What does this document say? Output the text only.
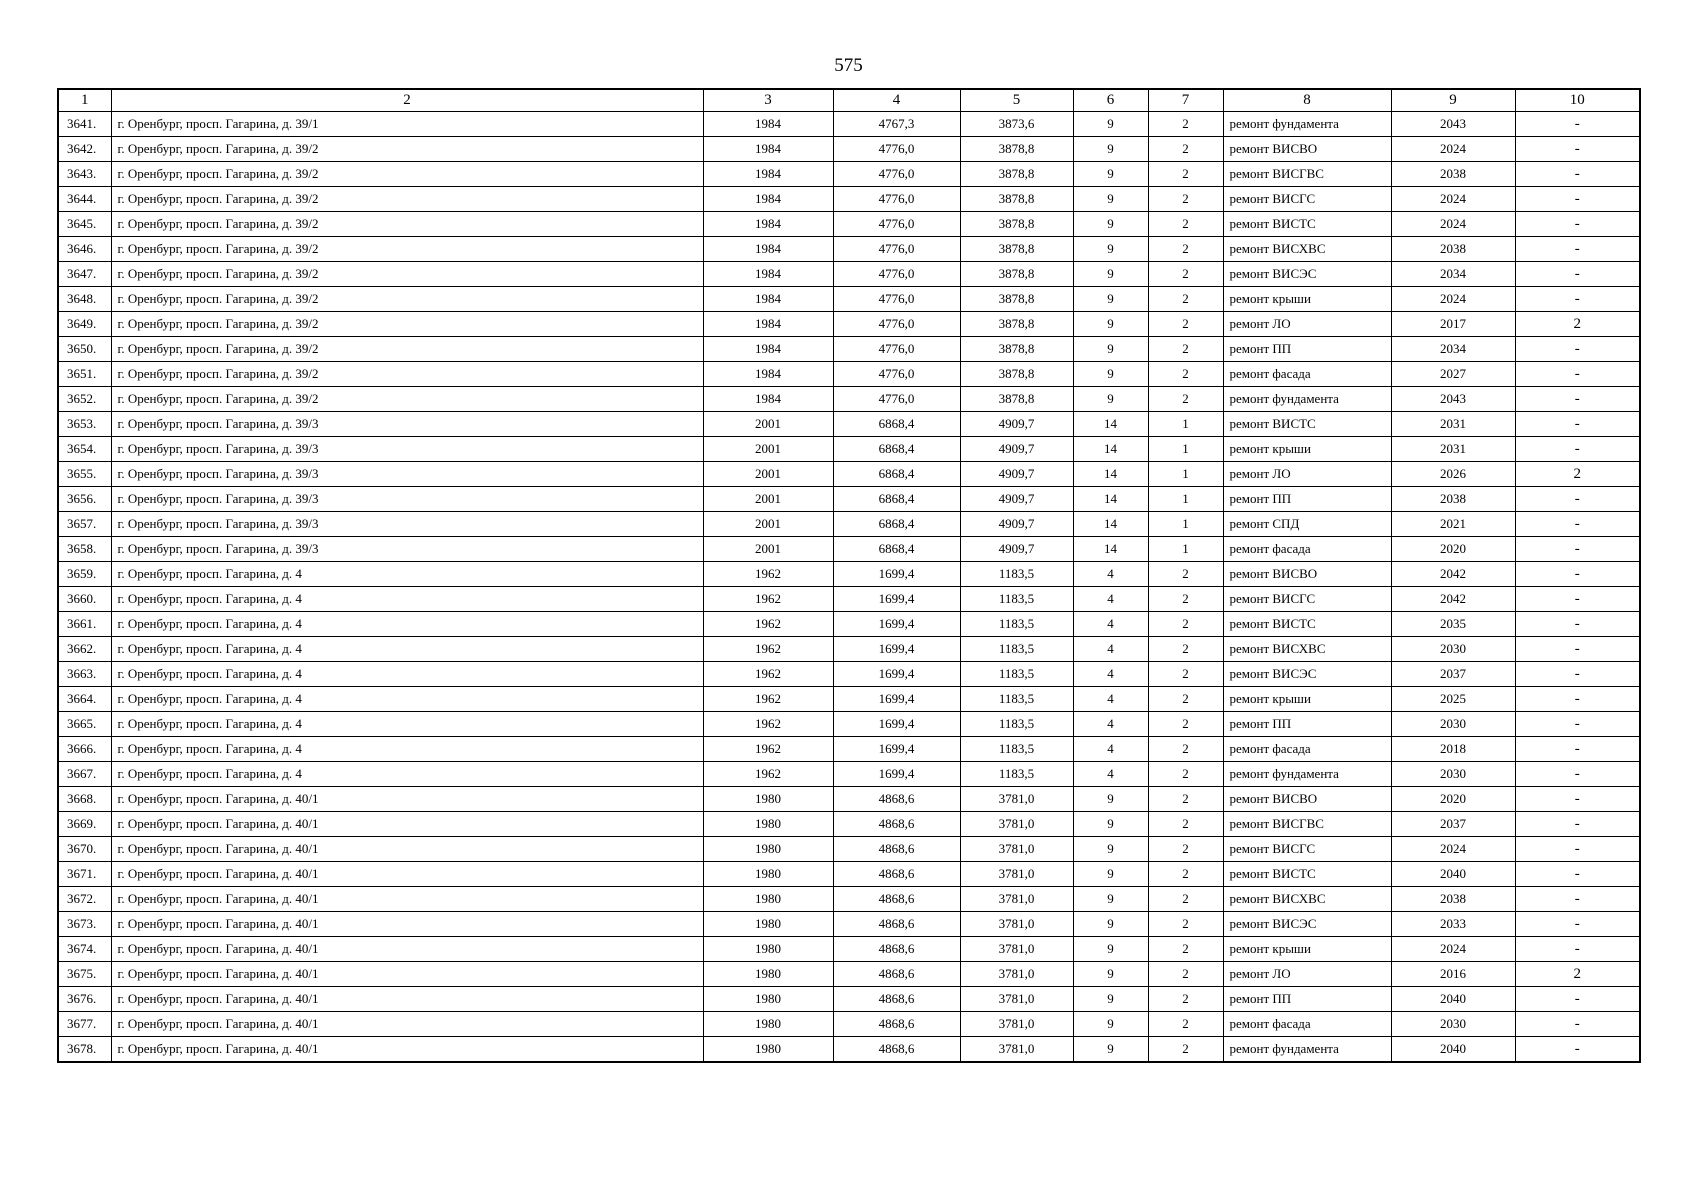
575
1	2	3	4	5	6	7	8	9	10
3641.	г. Оренбург, просп. Гагарина, д. 39/1	1984	4767,3	3873,6	9	2	ремонт фундамента	2043	-
3642.	г. Оренбург, просп. Гагарина, д. 39/2	1984	4776,0	3878,8	9	2	ремонт ВИСВО	2024	-
3643.	г. Оренбург, просп. Гагарина, д. 39/2	1984	4776,0	3878,8	9	2	ремонт ВИСГВС	2038	-
3644.	г. Оренбург, просп. Гагарина, д. 39/2	1984	4776,0	3878,8	9	2	ремонт ВИСГС	2024	-
3645.	г. Оренбург, просп. Гагарина, д. 39/2	1984	4776,0	3878,8	9	2	ремонт ВИСТС	2024	-
3646.	г. Оренбург, просп. Гагарина, д. 39/2	1984	4776,0	3878,8	9	2	ремонт ВИСХВС	2038	-
3647.	г. Оренбург, просп. Гагарина, д. 39/2	1984	4776,0	3878,8	9	2	ремонт ВИСЭС	2034	-
3648.	г. Оренбург, просп. Гагарина, д. 39/2	1984	4776,0	3878,8	9	2	ремонт крыши	2024	-
3649.	г. Оренбург, просп. Гагарина, д. 39/2	1984	4776,0	3878,8	9	2	ремонт ЛО	2017	2
3650.	г. Оренбург, просп. Гагарина, д. 39/2	1984	4776,0	3878,8	9	2	ремонт ПП	2034	-
3651.	г. Оренбург, просп. Гагарина, д. 39/2	1984	4776,0	3878,8	9	2	ремонт фасада	2027	-
3652.	г. Оренбург, просп. Гагарина, д. 39/2	1984	4776,0	3878,8	9	2	ремонт фундамента	2043	-
3653.	г. Оренбург, просп. Гагарина, д. 39/3	2001	6868,4	4909,7	14	1	ремонт ВИСТС	2031	-
3654.	г. Оренбург, просп. Гагарина, д. 39/3	2001	6868,4	4909,7	14	1	ремонт крыши	2031	-
3655.	г. Оренбург, просп. Гагарина, д. 39/3	2001	6868,4	4909,7	14	1	ремонт ЛО	2026	2
3656.	г. Оренбург, просп. Гагарина, д. 39/3	2001	6868,4	4909,7	14	1	ремонт ПП	2038	-
3657.	г. Оренбург, просп. Гагарина, д. 39/3	2001	6868,4	4909,7	14	1	ремонт СПД	2021	-
3658.	г. Оренбург, просп. Гагарина, д. 39/3	2001	6868,4	4909,7	14	1	ремонт фасада	2020	-
3659.	г. Оренбург, просп. Гагарина, д. 4	1962	1699,4	1183,5	4	2	ремонт ВИСВО	2042	-
3660.	г. Оренбург, просп. Гагарина, д. 4	1962	1699,4	1183,5	4	2	ремонт ВИСГС	2042	-
3661.	г. Оренбург, просп. Гагарина, д. 4	1962	1699,4	1183,5	4	2	ремонт ВИСТС	2035	-
3662.	г. Оренбург, просп. Гагарина, д. 4	1962	1699,4	1183,5	4	2	ремонт ВИСХВС	2030	-
3663.	г. Оренбург, просп. Гагарина, д. 4	1962	1699,4	1183,5	4	2	ремонт ВИСЭС	2037	-
3664.	г. Оренбург, просп. Гагарина, д. 4	1962	1699,4	1183,5	4	2	ремонт крыши	2025	-
3665.	г. Оренбург, просп. Гагарина, д. 4	1962	1699,4	1183,5	4	2	ремонт ПП	2030	-
3666.	г. Оренбург, просп. Гагарина, д. 4	1962	1699,4	1183,5	4	2	ремонт фасада	2018	-
3667.	г. Оренбург, просп. Гагарина, д. 4	1962	1699,4	1183,5	4	2	ремонт фундамента	2030	-
3668.	г. Оренбург, просп. Гагарина, д. 40/1	1980	4868,6	3781,0	9	2	ремонт ВИСВО	2020	-
3669.	г. Оренбург, просп. Гагарина, д. 40/1	1980	4868,6	3781,0	9	2	ремонт ВИСГВС	2037	-
3670.	г. Оренбург, просп. Гагарина, д. 40/1	1980	4868,6	3781,0	9	2	ремонт ВИСГС	2024	-
3671.	г. Оренбург, просп. Гагарина, д. 40/1	1980	4868,6	3781,0	9	2	ремонт ВИСТС	2040	-
3672.	г. Оренбург, просп. Гагарина, д. 40/1	1980	4868,6	3781,0	9	2	ремонт ВИСХВС	2038	-
3673.	г. Оренбург, просп. Гагарина, д. 40/1	1980	4868,6	3781,0	9	2	ремонт ВИСЭС	2033	-
3674.	г. Оренбург, просп. Гагарина, д. 40/1	1980	4868,6	3781,0	9	2	ремонт крыши	2024	-
3675.	г. Оренбург, просп. Гагарина, д. 40/1	1980	4868,6	3781,0	9	2	ремонт ЛО	2016	2
3676.	г. Оренбург, просп. Гагарина, д. 40/1	1980	4868,6	3781,0	9	2	ремонт ПП	2040	-
3677.	г. Оренбург, просп. Гагарина, д. 40/1	1980	4868,6	3781,0	9	2	ремонт фасада	2030	-
3678.	г. Оренбург, просп. Гагарина, д. 40/1	1980	4868,6	3781,0	9	2	ремонт фундамента	2040	-
